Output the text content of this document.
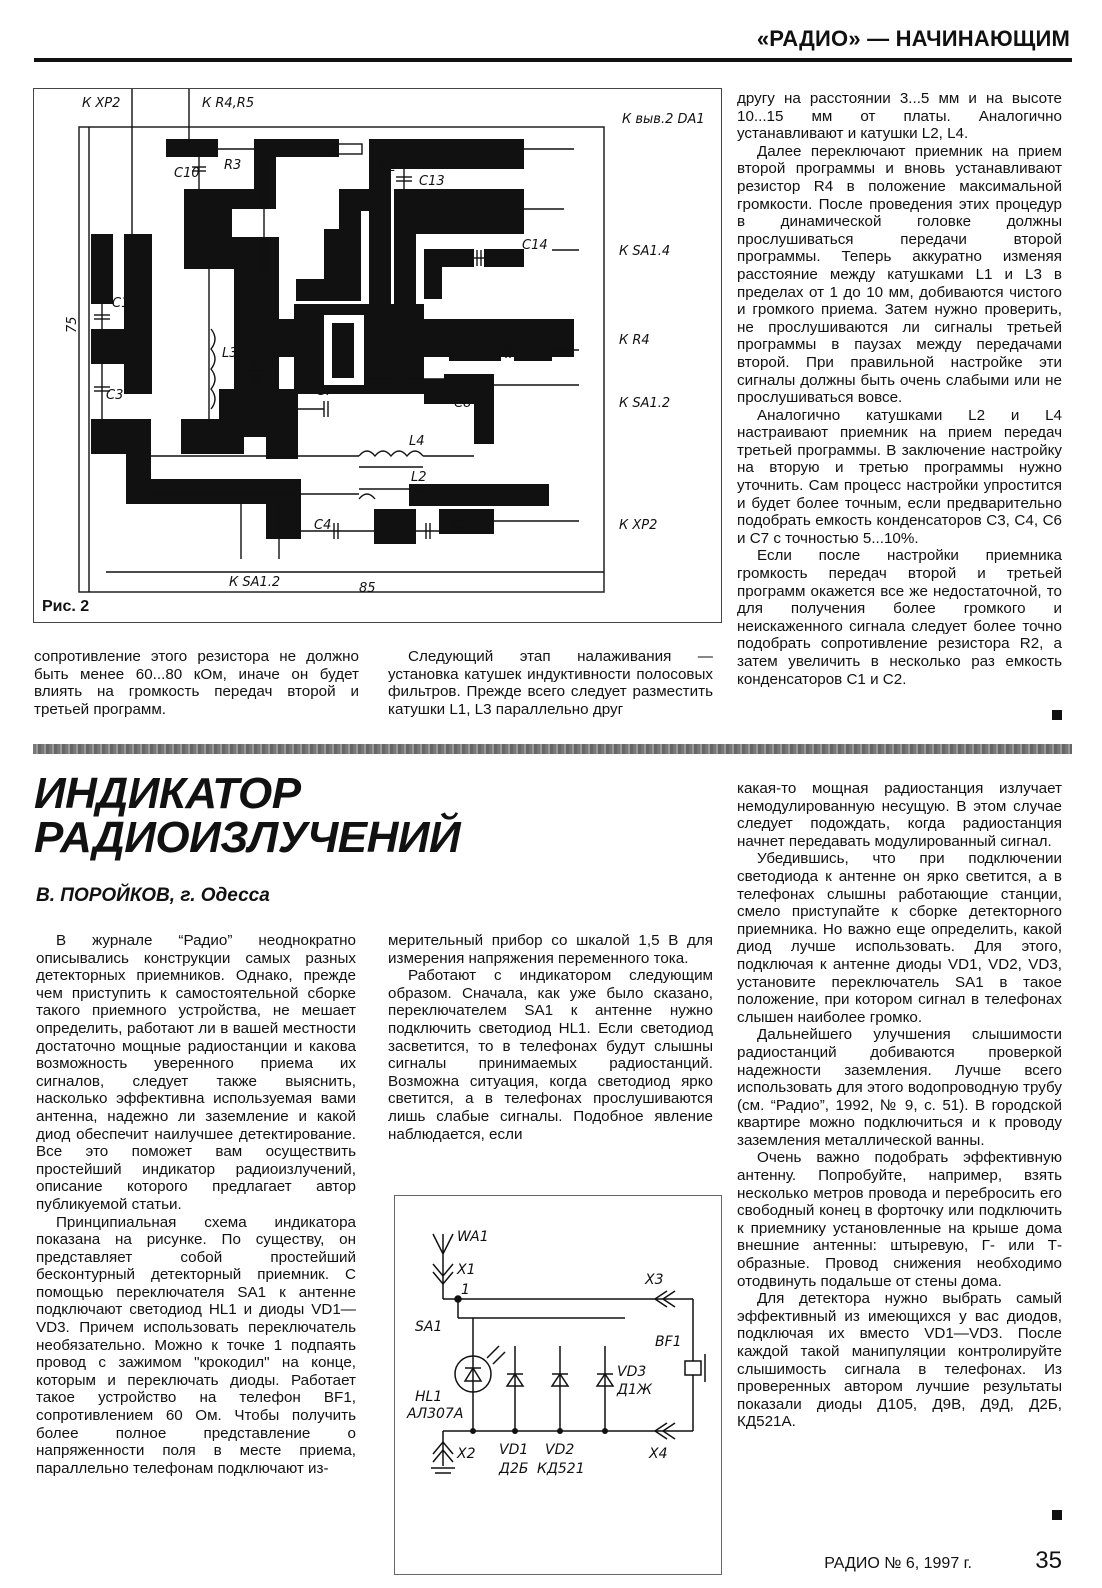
«РАДИО» — НАЧИНАЮЩИМ
К XP2	К R4,R5
К выв.2 DA1
К SA1.4
К R4
К SA1.2
К XP2
К SA1.2	85
75
C10
R3	R2
C13
C14
C12
C1
L3
C6
C3	C7
C8
L4
L2
C4	C2
Рис. 2

сопротивление этого резистора не должно быть менее 60...80 кОм, иначе он будет влиять на громкость передач второй и третьей программ.

Следующий этап налаживания — установка катушек индуктивности полосовых фильтров. Прежде всего следует разместить катушки L1, L3 параллельно друг

другу на расстоянии 3...5 мм и на высоте 10...15 мм от платы. Аналогично устанавливают и катушки L2, L4.

Далее переключают приемник на прием второй программы и вновь устанавливают резистор R4 в положение максимальной громкости. После проведения этих процедур в динамической головке должны прослушиваться передачи второй программы. Теперь аккуратно изменяя расстояние между катушками L1 и L3 в пределах от 1 до 10 мм, добиваются чистого и громкого приема. Затем нужно проверить, не прослушиваются ли сигналы третьей программы в паузах между передачами второй. При правильной настройке эти сигналы должны быть очень слабыми или не прослушиваться вовсе.

Аналогично катушками L2 и L4 настраивают приемник на прием передач третьей программы. В заключение настройку на вторую и третью программы нужно уточнить. Сам процесс настройки упростится и будет более точным, если предварительно подобрать емкость конденсаторов С3, С4, С6 и С7 с точностью 5...10%.

Если после настройки приемника громкость передач второй и третьей программ окажется все же недостаточной, то для получения более громкого и неискаженного сигнала следует более точно подобрать сопротивление резистора R2, а затем увеличить в несколько раз емкость конденсаторов С1 и С2.

ИНДИКАТОР
РАДИОИЗЛУЧЕНИЙ
В. ПОРОЙКОВ, г. Одесса

В журнале “Радио” неоднократно описывались конструкции самых разных детекторных приемников. Однако, прежде чем приступить к самостоятельной сборке такого приемного устройства, не мешает определить, работают ли в вашей местности достаточно мощные радиостанции и какова возможность уверенного приема их сигналов, следует также выяснить, насколько эффективна используемая вами антенна, надежно ли заземление и какой диод обеспечит наилучшее детектирование. Все это поможет вам осуществить простейший индикатор радиоизлучений, описание которого предлагает автор публикуемой статьи.

Принципиальная схема индикатора показана на рисунке. По существу, он представляет собой простейший бесконтурный детекторный приемник. С помощью переключателя SA1 к антенне подключают светодиод HL1 и диоды VD1—VD3. Причем использовать переключатель необязательно. Можно к точке 1 подпаять провод с зажимом "крокодил" на конце, которым и переключать диоды. Работает такое устройство на телефон BF1, сопротивлением 60 Ом. Чтобы получить более полное представление о напряженности поля в месте приема, параллельно телефонам подключают из-

мерительный прибор со шкалой 1,5 В для измерения напряжения переменного тока.

Работают с индикатором следующим образом. Сначала, как уже было сказано, переключателем SA1 к антенне нужно подключить светодиод HL1. Если светодиод засветится, то в телефонах будут слышны сигналы принимаемых радиостанций. Возможна ситуация, когда светодиод ярко светится, а в телефонах прослушиваются лишь слабые сигналы. Подобное явление наблюдается, если

какая-то мощная радиостанция излучает немодулированную несущую. В этом случае следует подождать, когда радиостанция начнет передавать модулированный сигнал.

Убедившись, что при подключении светодиода к антенне он ярко светится, а в телефонах слышны работающие станции, смело приступайте к сборке детекторного приемника. Но важно еще определить, какой диод лучше использовать. Для этого, подключая к антенне диоды VD1, VD2, VD3, установите переключатель SA1 в такое положение, при котором сигнал в телефонах слышен наиболее громко.

Дальнейшего улучшения слышимости радиостанций добиваются проверкой надежности заземления. Лучше всего использовать для этого водопроводную трубу (см. “Радио”, 1992, № 9, с. 51). В городской квартире можно подключиться и к проводу заземления металлической ванны.

Очень важно подобрать эффективную антенну. Попробуйте, например, взять несколько метров провода и перебросить его свободный конец в форточку или подключить к приемнику установленные на крыше дома внешние антенны: штыревую, Г- или Т-образные. Провод снижения необходимо отодвинуть подальше от стены дома.

Для детектора нужно выбрать самый эффективный из имеющихся у вас диодов, подключая их вместо VD1—VD3. После каждой такой манипуляции контролируйте слышимость сигнала в телефонах. Из проверенных автором лучшие результаты показали диоды Д105, Д9В, Д9Д, Д2Б, КД521А.

WA1
X1
1
X3
SA1
BF1
HL1
АЛ307А
VD3
Д1Ж
X2 VD1
Д2Б
VD2
КД521
X4
РАДИО № 6, 1997 г.	35
